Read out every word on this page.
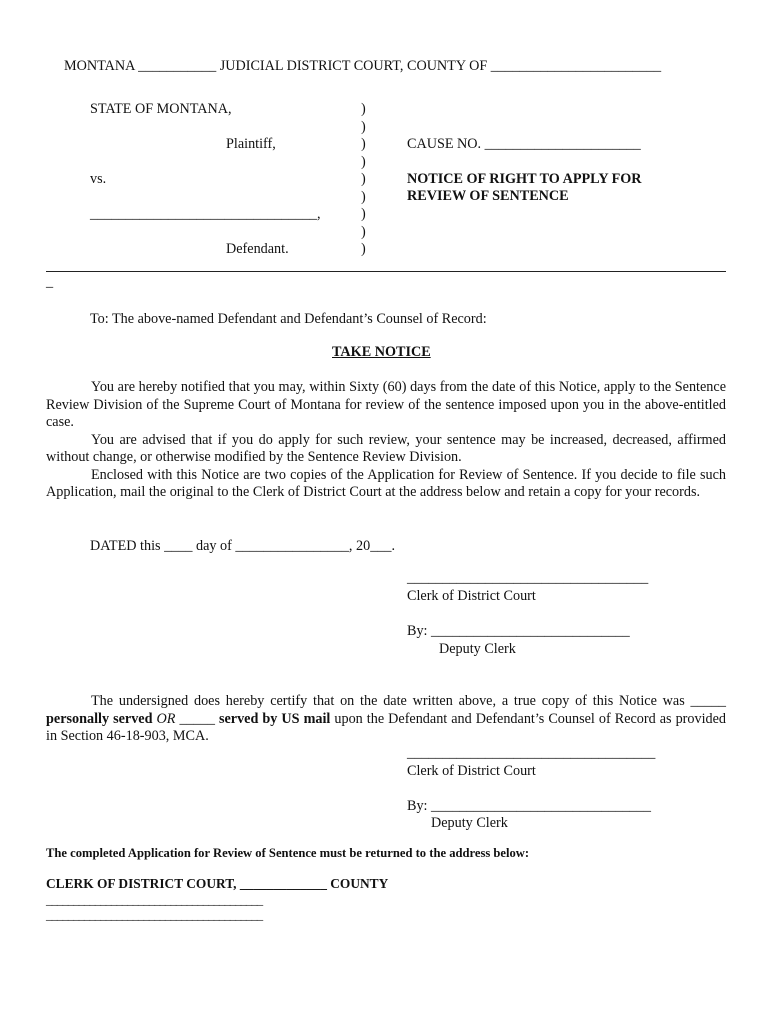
MONTANA ___________ JUDICIAL DISTRICT COURT, COUNTY OF ________________________
STATE OF MONTANA,
Plaintiff,
vs.
________________________________,
Defendant.
)
)
)
)
)
)
)
)
)
CAUSE NO. ______________________
NOTICE OF RIGHT TO APPLY FOR
REVIEW OF SENTENCE
_
To: The above-named Defendant and Defendant’s Counsel of Record:
TAKE NOTICE
You are hereby notified that you may, within Sixty (60) days from the date of this Notice, apply to the Sentence Review Division of the Supreme Court of Montana for review of the sentence imposed upon you in the above-entitled case.
You are advised that if you do apply for such review, your sentence may be increased, decreased, affirmed without change, or otherwise modified by the Sentence Review Division.
Enclosed with this Notice are two copies of the Application for Review of Sentence. If you decide to file such Application, mail the original to the Clerk of District Court at the address below and retain a copy for your records.
DATED this ____ day of ________________, 20___.
__________________________________
Clerk of District Court
By: ____________________________
Deputy Clerk
The undersigned does hereby certify that on the date written above, a true copy of this Notice was _____ personally served OR _____ served by US mail upon the Defendant and Defendant’s Counsel of Record as provided in Section 46-18-903, MCA.
___________________________________
Clerk of District Court
By: _______________________________
Deputy Clerk
The completed Application for Review of Sentence must be returned to the address below:
CLERK OF DISTRICT COURT, _____________ COUNTY
________________________________________
________________________________________
